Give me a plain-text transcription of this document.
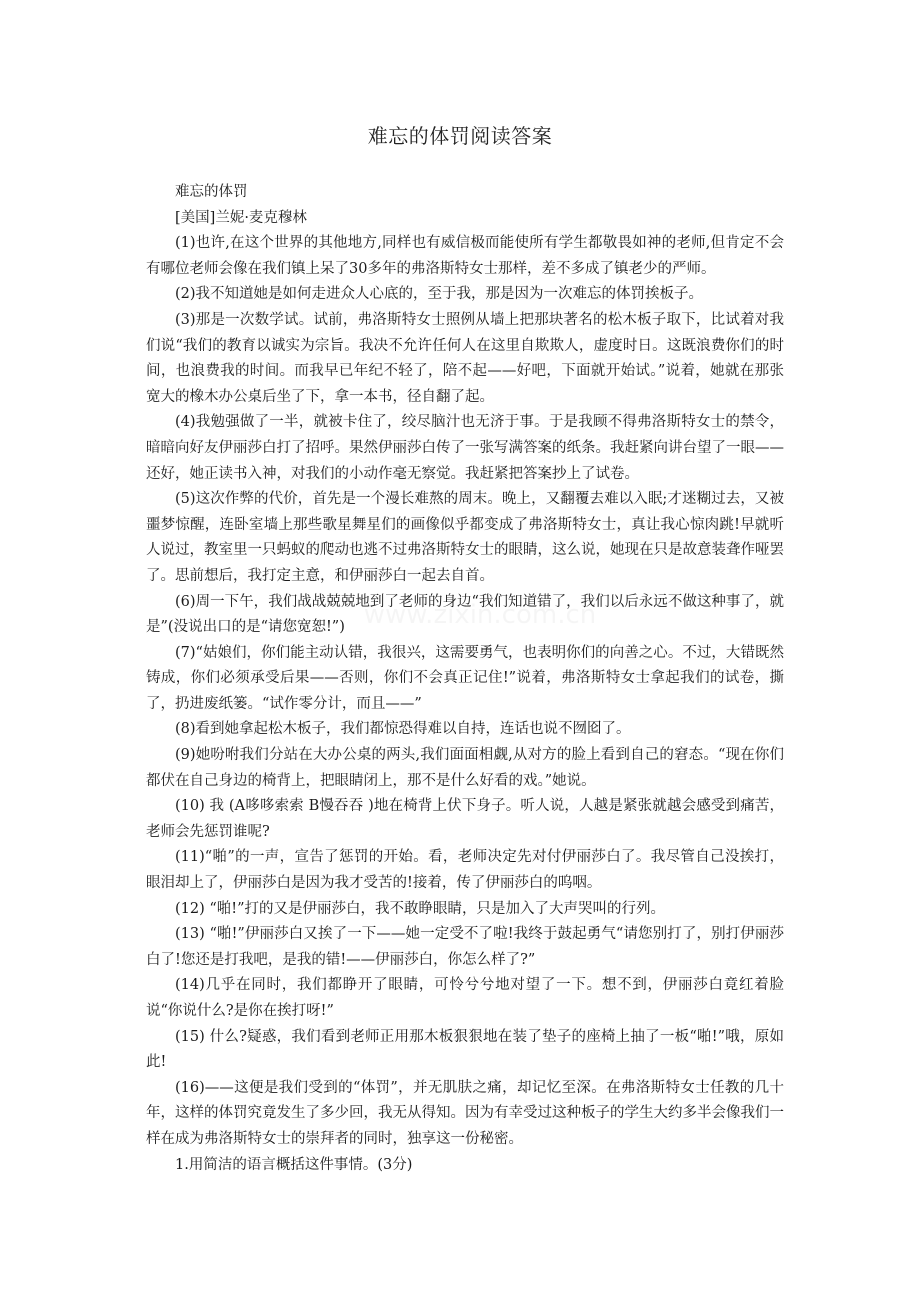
难忘的体罚阅读答案

难忘的体罚

[美国]兰妮·麦克穆林

(1)也许,在这个世界的其他地方,同样也有威信极而能使所有学生都敬畏如神的老师,但肯定不会有哪位老师会像在我们镇上呆了30多年的弗洛斯特女士那样，差不多成了镇老少的严师。

(2)我不知道她是如何走进众人心底的，至于我，那是因为一次难忘的体罚挨板子。

(3)那是一次数学试。试前，弗洛斯特女士照例从墙上把那块著名的松木板子取下，比试着对我们说“我们的教育以诚实为宗旨。我决不允许任何人在这里自欺欺人，虚度时日。这既浪费你们的时间，也浪费我的时间。而我早已年纪不轻了，陪不起——好吧，下面就开始试。”说着，她就在那张宽大的橡木办公桌后坐了下，拿一本书，径自翻了起。

(4)我勉强做了一半，就被卡住了，绞尽脑汁也无济于事。于是我顾不得弗洛斯特女士的禁令，暗暗向好友伊丽莎白打了招呼。果然伊丽莎白传了一张写满答案的纸条。我赶紧向讲台望了一眼——还好，她正读书入神，对我们的小动作毫无察觉。我赶紧把答案抄上了试卷。

(5)这次作弊的代价，首先是一个漫长难熬的周末。晚上，又翻覆去难以入眠;才迷糊过去，又被噩梦惊醒，连卧室墙上那些歌星舞星们的画像似乎都变成了弗洛斯特女士，真让我心惊肉跳!早就听人说过，教室里一只蚂蚁的爬动也逃不过弗洛斯特女士的眼睛，这么说，她现在只是故意装聋作哑罢了。思前想后，我打定主意，和伊丽莎白一起去自首。

(6)周一下午，我们战战兢兢地到了老师的身边“我们知道错了，我们以后永远不做这种事了，就是”(没说出口的是“请您宽恕!”)

(7)“姑娘们，你们能主动认错，我很兴，这需要勇气，也表明你们的向善之心。不过，大错既然铸成，你们必须承受后果——否则，你们不会真正记住!”说着，弗洛斯特女士拿起我们的试卷，撕了，扔进废纸篓。“试作零分计，而且——”

(8)看到她拿起松木板子，我们都惊恐得难以自持，连话也说不囫囵了。

(9)她吩咐我们分站在大办公桌的两头,我们面面相觑,从对方的脸上看到自己的窘态。“现在你们都伏在自己身边的椅背上，把眼睛闭上，那不是什么好看的戏。”她说。

(10) 我 (A哆哆索索 B慢吞吞 )地在椅背上伏下身子。听人说，人越是紧张就越会感受到痛苦，老师会先惩罚谁呢?

(11)“啪”的一声，宣告了惩罚的开始。看，老师决定先对付伊丽莎白了。我尽管自己没挨打，眼泪却上了，伊丽莎白是因为我才受苦的!接着，传了伊丽莎白的呜咽。

(12) “啪!”打的又是伊丽莎白，我不敢睁眼睛，只是加入了大声哭叫的行列。

(13) “啪!”伊丽莎白又挨了一下——她一定受不了啦!我终于鼓起勇气“请您别打了，别打伊丽莎白了!您还是打我吧，是我的错!——伊丽莎白，你怎么样了?”

(14)几乎在同时，我们都睁开了眼睛，可怜兮兮地对望了一下。想不到，伊丽莎白竟红着脸说“你说什么?是你在挨打呀!”

(15) 什么?疑惑，我们看到老师正用那木板狠狠地在装了垫子的座椅上抽了一板“啪!”哦，原如此!

(16)——这便是我们受到的“体罚”，并无肌肤之痛，却记忆至深。在弗洛斯特女士任教的几十年，这样的体罚究竟发生了多少回，我无从得知。因为有幸受过这种板子的学生大约多半会像我们一样在成为弗洛斯特女士的崇拜者的同时，独享这一份秘密。

1.用简洁的语言概括这件事情。(3分)
